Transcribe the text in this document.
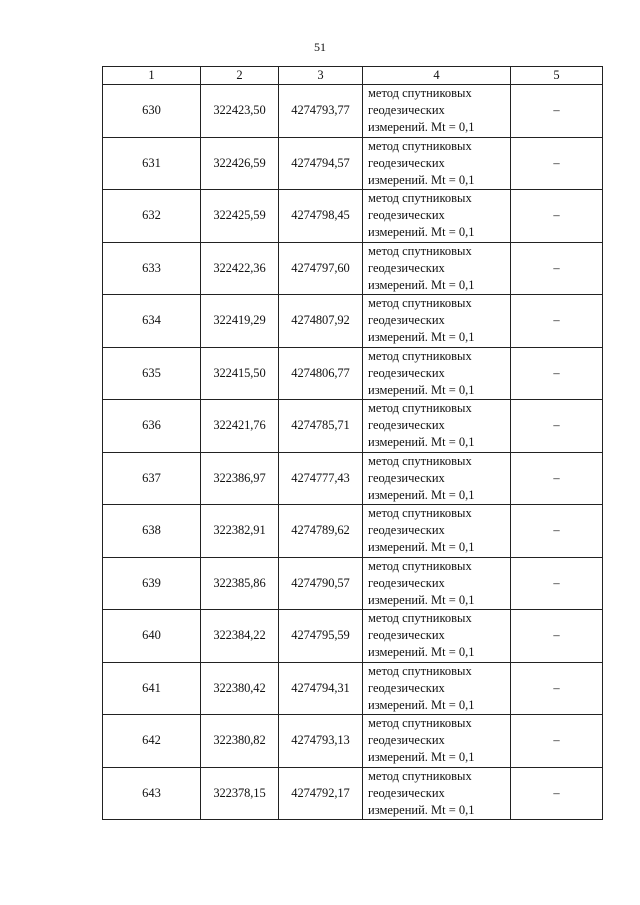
51
1	2	3	4	5
630	322423,50	4274793,77	метод спутниковых
геодезических
измерений. Mt = 0,1	–
631	322426,59	4274794,57	метод спутниковых
геодезических
измерений. Mt = 0,1	–
632	322425,59	4274798,45	метод спутниковых
геодезических
измерений. Mt = 0,1	–
633	322422,36	4274797,60	метод спутниковых
геодезических
измерений. Mt = 0,1	–
634	322419,29	4274807,92	метод спутниковых
геодезических
измерений. Mt = 0,1	–
635	322415,50	4274806,77	метод спутниковых
геодезических
измерений. Mt = 0,1	–
636	322421,76	4274785,71	метод спутниковых
геодезических
измерений. Mt = 0,1	–
637	322386,97	4274777,43	метод спутниковых
геодезических
измерений. Mt = 0,1	–
638	322382,91	4274789,62	метод спутниковых
геодезических
измерений. Mt = 0,1	–
639	322385,86	4274790,57	метод спутниковых
геодезических
измерений. Mt = 0,1	–
640	322384,22	4274795,59	метод спутниковых
геодезических
измерений. Mt = 0,1	–
641	322380,42	4274794,31	метод спутниковых
геодезических
измерений. Mt = 0,1	–
642	322380,82	4274793,13	метод спутниковых
геодезических
измерений. Mt = 0,1	–
643	322378,15	4274792,17	метод спутниковых
геодезических
измерений. Mt = 0,1	–
